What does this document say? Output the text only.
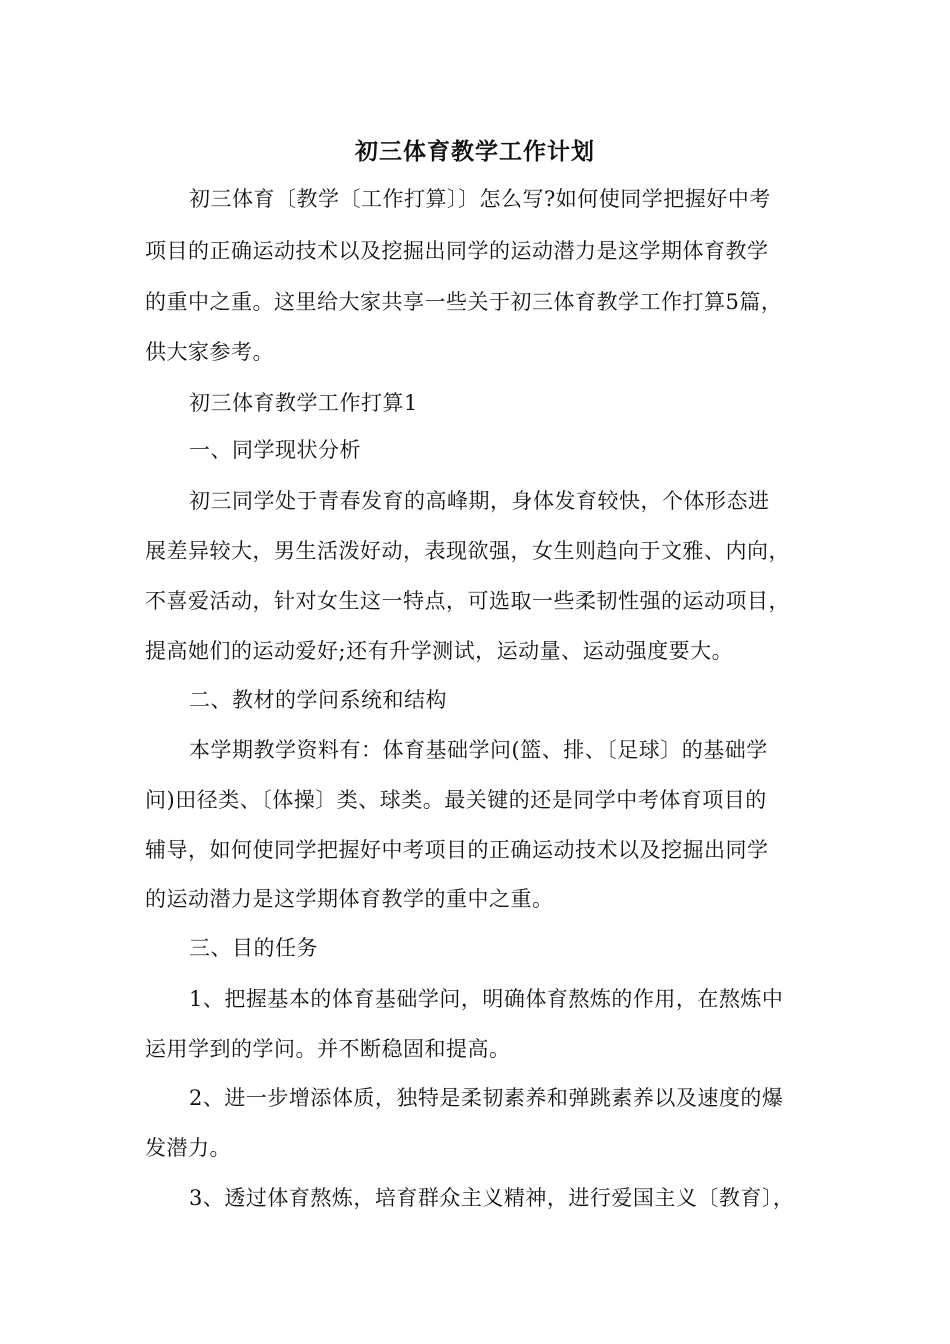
初三体育教学工作计划
初三体育〔教学〔工作打算〕〕怎么写?如何使同学把握好中考
项目的正确运动技术以及挖掘出同学的运动潜力是这学期体育教学
的重中之重。这里给大家共享一些关于初三体育教学工作打算5篇，
供大家参考。
初三体育教学工作打算1
一、同学现状分析
初三同学处于青春发育的高峰期，身体发育较快，个体形态进
展差异较大，男生活泼好动，表现欲强，女生则趋向于文雅、内向，
不喜爱活动，针对女生这一特点，可选取一些柔韧性强的运动项目，
提高她们的运动爱好;还有升学测试，运动量、运动强度要大。
二、教材的学问系统和结构
本学期教学资料有：体育基础学问(篮、排、〔足球〕的基础学
问)田径类、〔体操〕类、球类。最关键的还是同学中考体育项目的
辅导，如何使同学把握好中考项目的正确运动技术以及挖掘出同学
的运动潜力是这学期体育教学的重中之重。
三、目的任务
1、把握基本的体育基础学问，明确体育熬炼的作用，在熬炼中
运用学到的学问。并不断稳固和提高。
2、进一步增添体质，独特是柔韧素养和弹跳素养以及速度的爆
发潜力。
3、透过体育熬炼，培育群众主义精神，进行爱国主义〔教育〕，
